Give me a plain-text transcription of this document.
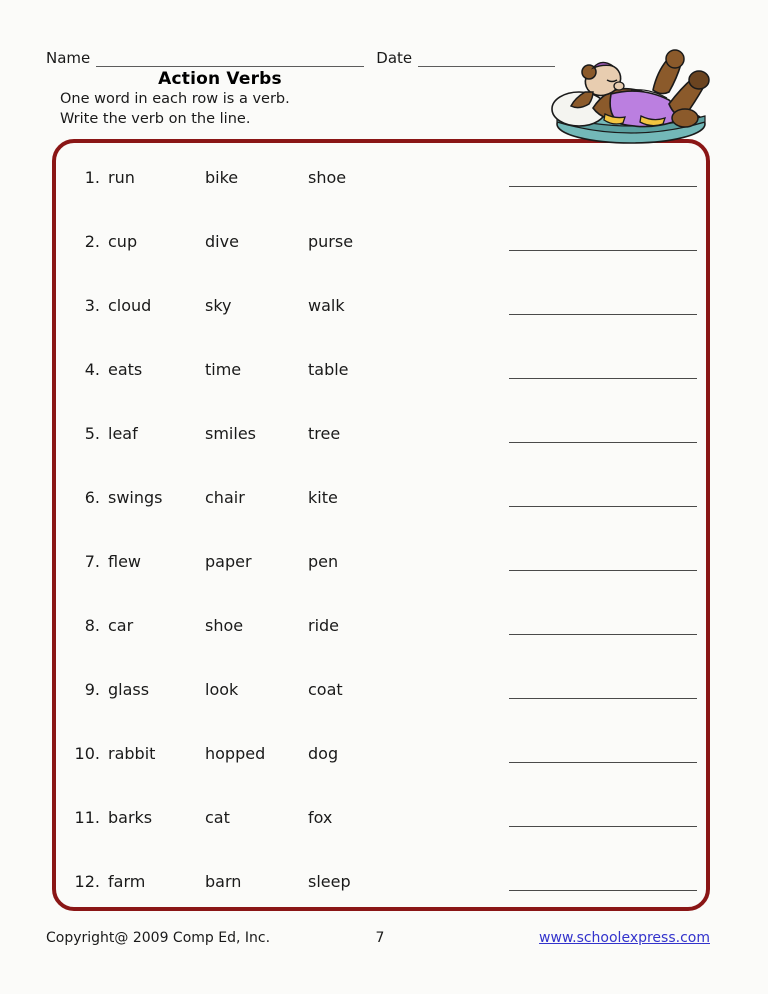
Name	Date
Action Verbs
One word in each row is a verb.
Write the verb on the line.
1. run	bike	shoe
2. cup	dive	purse
3. cloud	sky	walk
4. eats	time	table
5. leaf	smiles	tree
6. swings	chair	kite
7. flew	paper	pen
8. car	shoe	ride
9. glass	look	coat
10. rabbit	hopped	dog
11. barks	cat	fox
12. farm	barn	sleep
Copyright@ 2009 Comp Ed, Inc.	7	www.schoolexpress.com
